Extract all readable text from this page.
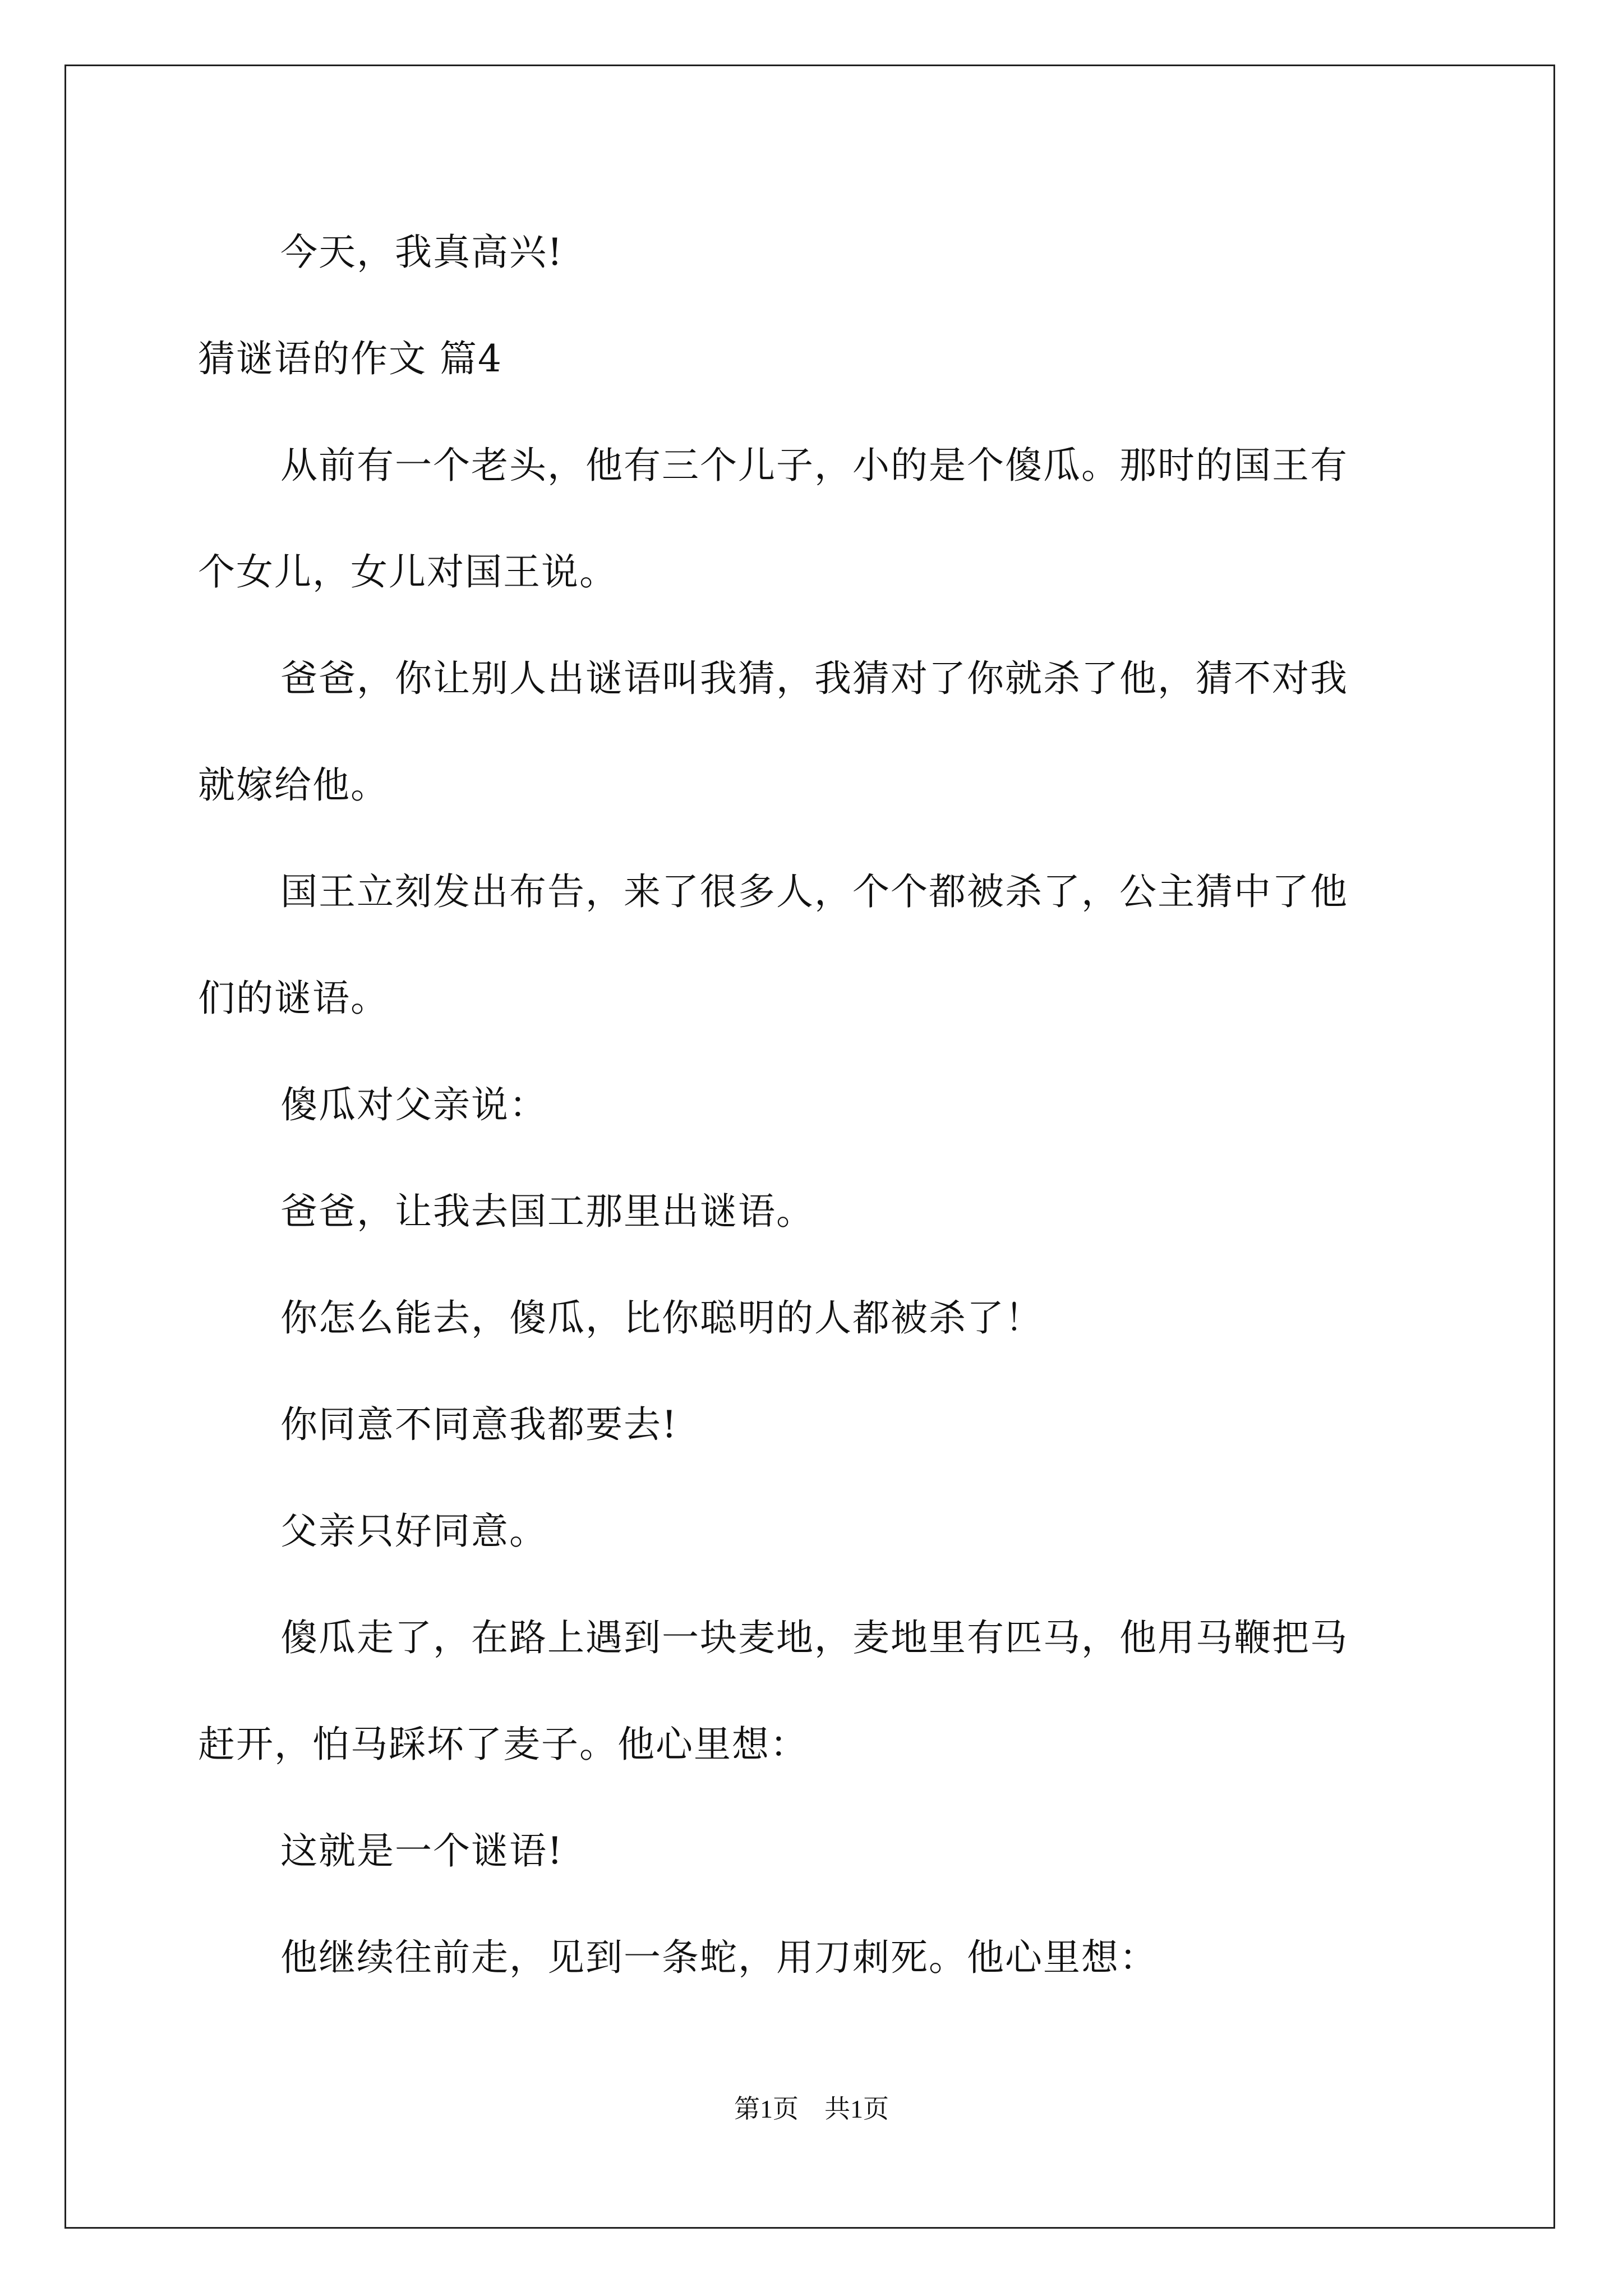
今天，我真高兴!
猜谜语的作文 篇4
从前有一个老头，他有三个儿子，小的是个傻瓜。那时的国王有
个女儿，女儿对国王说。
爸爸，你让别人出谜语叫我猜，我猜对了你就杀了他，猜不对我
就嫁给他。
国王立刻发出布告，来了很多人，个个都被杀了，公主猜中了他
们的谜语。
傻瓜对父亲说：
爸爸，让我去国工那里出谜语。
你怎么能去，傻瓜，比你聪明的人都被杀了！
你同意不同意我都要去!
父亲只好同意。
傻瓜走了，在路上遇到一块麦地，麦地里有匹马，他用马鞭把马
赶开，怕马踩坏了麦子。他心里想：
这就是一个谜语!
他继续往前走，见到一条蛇，用刀刺死。他心里想：
第1页　共1页
